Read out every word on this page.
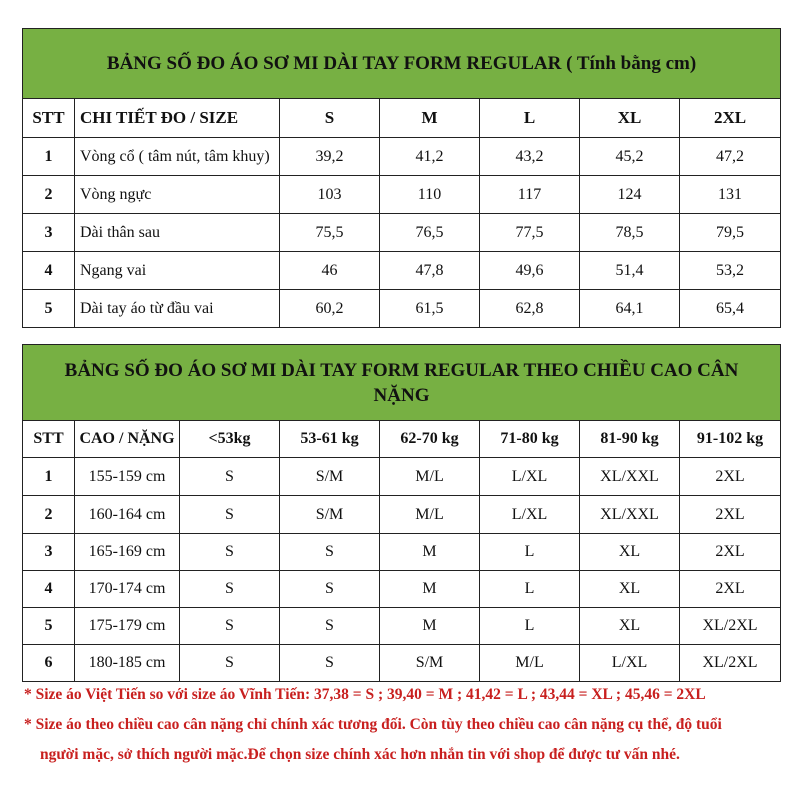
BẢNG SỐ ĐO ÁO SƠ MI DÀI TAY FORM REGULAR ( Tính bằng cm)						
STT	CHI TIẾT ĐO / SIZE	S	M	L	XL	2XL
1	Vòng cổ ( tâm nút, tâm khuy)	39,2	41,2	43,2	45,2	47,2
2	Vòng ngực	103	110	117	124	131
3	Dài thân sau	75,5	76,5	77,5	78,5	79,5
4	Ngang vai	46	47,8	49,6	51,4	53,2
5	Dài tay áo từ đầu vai	60,2	61,5	62,8	64,1	65,4
BẢNG SỐ ĐO ÁO SƠ MI DÀI TAY FORM REGULAR THEO CHIỀU CAO CÂN NẶNG							
STT	CAO / NẶNG	<53kg	53-61 kg	62-70 kg	71-80 kg	81-90 kg	91-102 kg
1	155-159 cm	S	S/M	M/L	L/XL	XL/XXL	2XL
2	160-164 cm	S	S/M	M/L	L/XL	XL/XXL	2XL
3	165-169 cm	S	S	M	L	XL	2XL
4	170-174 cm	S	S	M	L	XL	2XL
5	175-179 cm	S	S	M	L	XL	XL/2XL
6	180-185 cm	S	S	S/M	M/L	L/XL	XL/2XL
* Size áo Việt Tiến so với size áo Vĩnh Tiến: 37,38 = S ; 39,40 = M ; 41,42 = L ; 43,44 = XL ; 45,46 = 2XL
* Size áo theo chiều cao cân nặng chỉ chính xác tương đối. Còn tùy theo chiều cao cân nặng cụ thể, độ tuổi
người mặc, sở thích người mặc.Để chọn size chính xác hơn nhắn tin với shop để được tư vấn nhé.
